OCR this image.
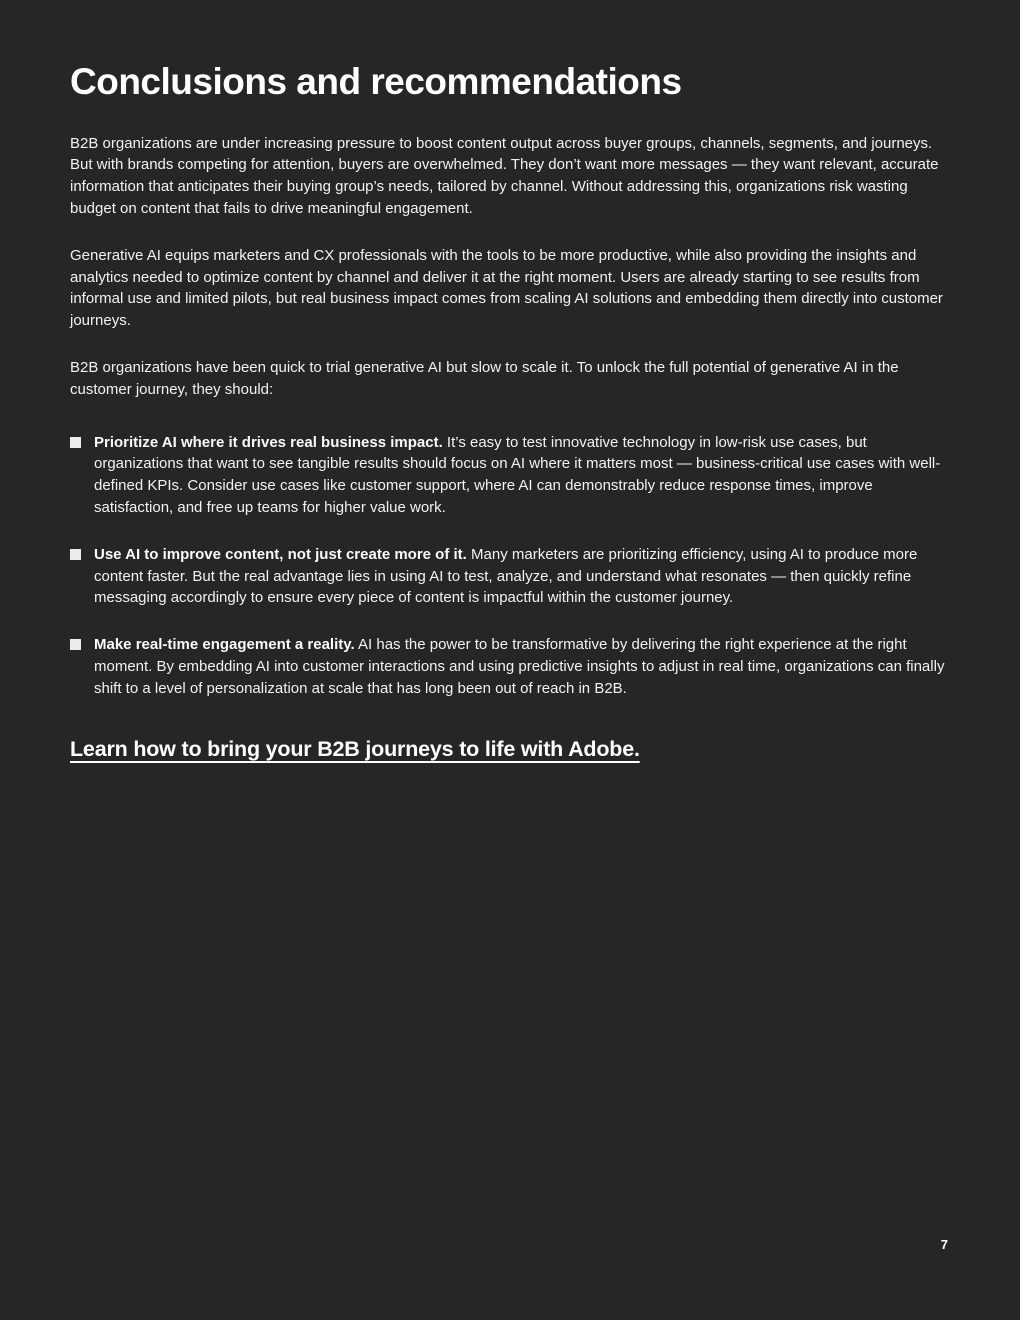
Conclusions and recommendations

B2B organizations are under increasing pressure to boost content output across buyer groups, channels, segments, and journeys. But with brands competing for attention, buyers are overwhelmed. They don’t want more messages — they want relevant, accurate information that anticipates their buying group’s needs, tailored by channel. Without addressing this, organizations risk wasting budget on content that fails to drive meaningful engagement.

Generative AI equips marketers and CX professionals with the tools to be more productive, while also providing the insights and analytics needed to optimize content by channel and deliver it at the right moment. Users are already starting to see results from informal use and limited pilots, but real business impact comes from scaling AI solutions and embedding them directly into customer journeys.

B2B organizations have been quick to trial generative AI but slow to scale it. To unlock the full potential of generative AI in the customer journey, they should:

Prioritize AI where it drives real business impact. It’s easy to test innovative technology in low-risk use cases, but organizations that want to see tangible results should focus on AI where it matters most — business-critical use cases with well-defined KPIs. Consider use cases like customer support, where AI can demonstrably reduce response times, improve satisfaction, and free up teams for higher value work.
Use AI to improve content, not just create more of it. Many marketers are prioritizing efficiency, using AI to produce more content faster. But the real advantage lies in using AI to test, analyze, and understand what resonates — then quickly refine messaging accordingly to ensure every piece of content is impactful within the customer journey.
Make real-time engagement a reality. AI has the power to be transformative by delivering the right experience at the right moment. By embedding AI into customer interactions and using predictive insights to adjust in real time, organizations can finally shift to a level of personalization at scale that has long been out of reach in B2B.
Learn how to bring your B2B journeys to life with Adobe.
7
